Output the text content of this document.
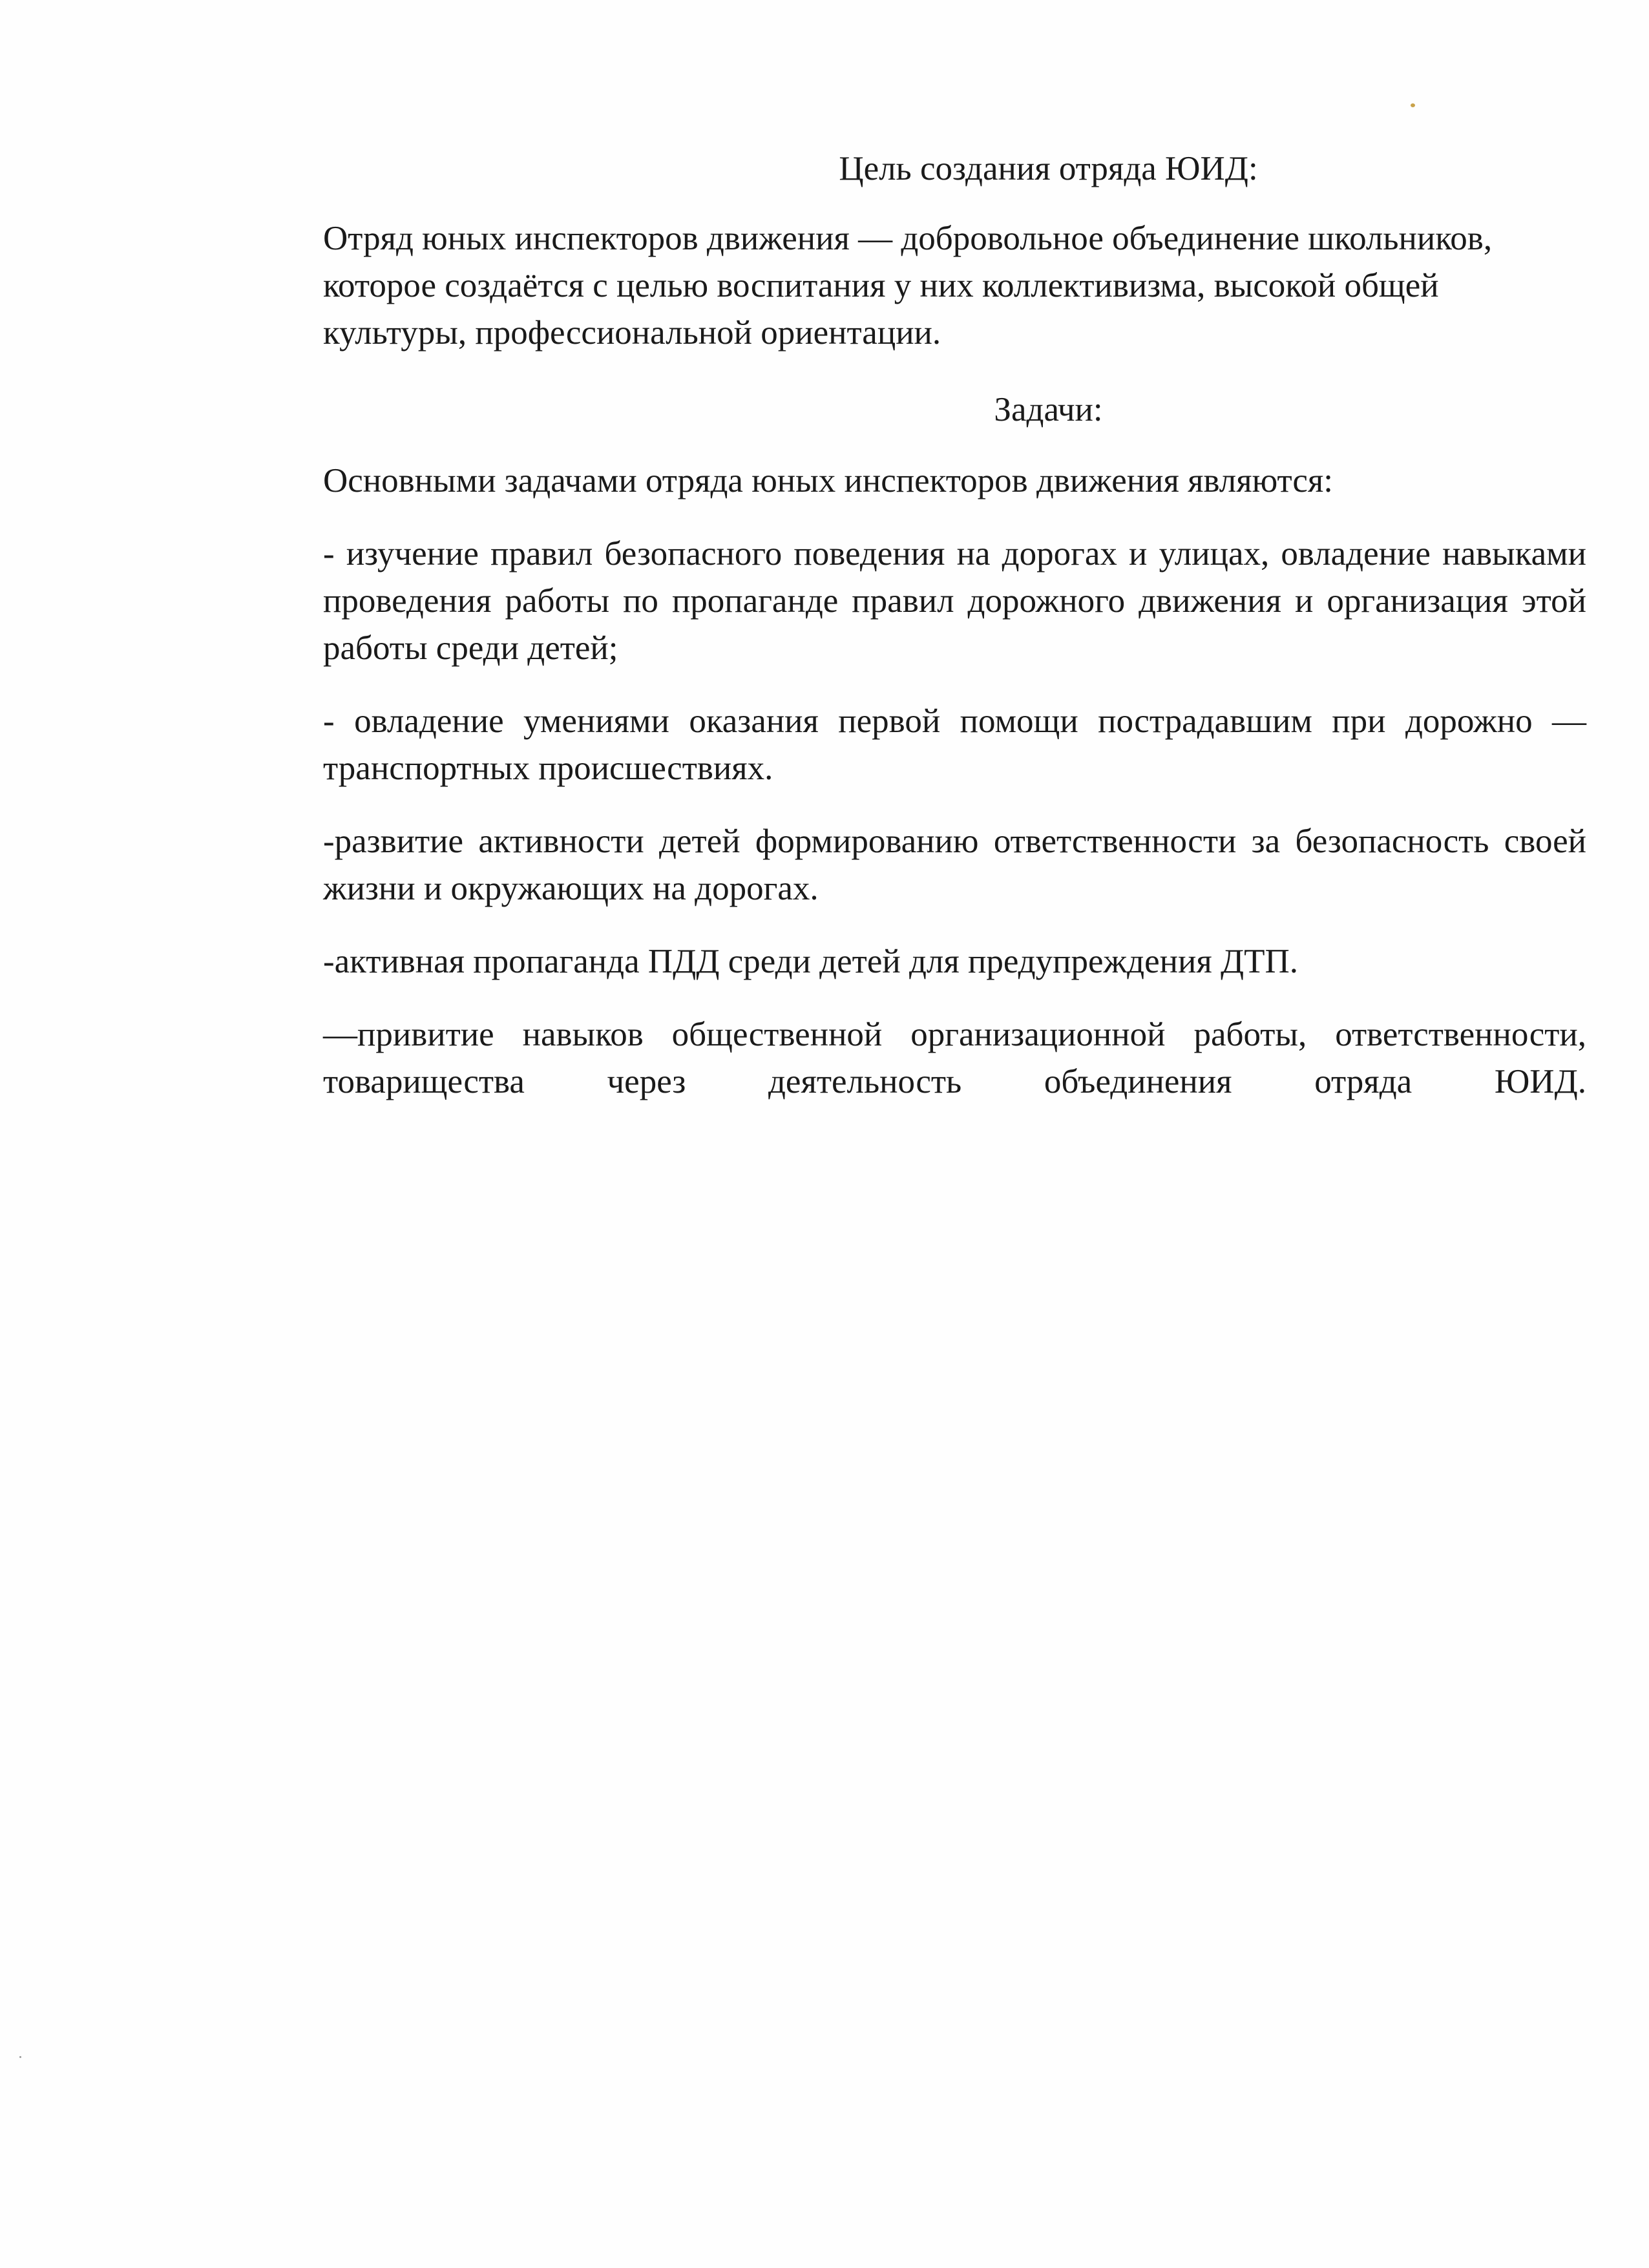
Цель создания отряда ЮИД:

Отряд юных инспекторов движения — добровольное объединение школьников, которое создаётся с целью воспитания у них коллективизма, высокой общей культуры, профессиональной ориентации.

Задачи:

Основными задачами отряда юных инспекторов движения являются:

- изучение правил безопасного поведения на дорогах и улицах, овладение навыками проведения работы по пропаганде правил дорожного движения и организация этой работы среди детей;

- овладение умениями оказания первой помощи пострадавшим при дорожно — транспортных происшествиях.

-развитие активности детей формированию ответственности за безопасность своей жизни и окружающих на дорогах.

-активная пропаганда ПДД среди детей для предупреждения ДТП.

—привитие навыков общественной организационной работы, ответственности, товарищества через деятельность объединения отряда ЮИД.
